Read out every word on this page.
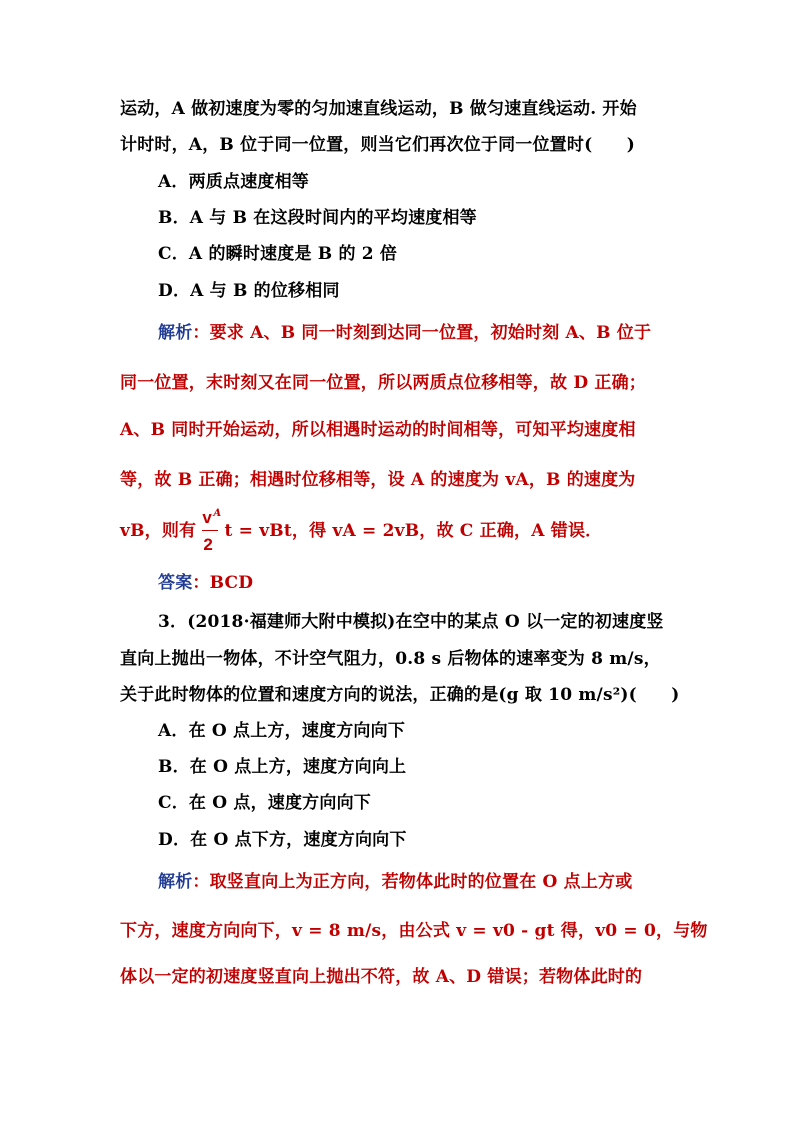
运动，A 做初速度为零的匀加速直线运动，B 做匀速直线运动. 开始
计时时，A，B 位于同一位置，则当它们再次位于同一位置时(　　)
A．两质点速度相等
B．A 与 B 在这段时间内的平均速度相等
C．A 的瞬时速度是 B 的 2 倍
D．A 与 B 的位移相同
解析：要求 A、B 同一时刻到达同一位置，初始时刻 A、B 位于
同一位置，末时刻又在同一位置，所以两质点位移相等，故 D 正确；
A、B 同时开始运动，所以相遇时运动的时间相等，可知平均速度相
等，故 B 正确；相遇时位移相等，设 A 的速度为 vA，B 的速度为
vB，则有
v A
2
t = vBt，得 vA = 2vB，故 C 正确，A 错误．
答案：BCD
3．(2018·福建师大附中模拟)在空中的某点 O 以一定的初速度竖
直向上抛出一物体，不计空气阻力，0.8 s 后物体的速率变为 8 m/s，
关于此时物体的位置和速度方向的说法，正确的是(g 取 10 m/s²)(　　)
A．在 O 点上方，速度方向向下
B．在 O 点上方，速度方向向上
C．在 O 点，速度方向向下
D．在 O 点下方，速度方向向下
解析：取竖直向上为正方向，若物体此时的位置在 O 点上方或
下方，速度方向向下，v = 8 m/s，由公式 v = v0 - gt 得，v0 = 0，与物
体以一定的初速度竖直向上抛出不符，故 A、D 错误；若物体此时的
